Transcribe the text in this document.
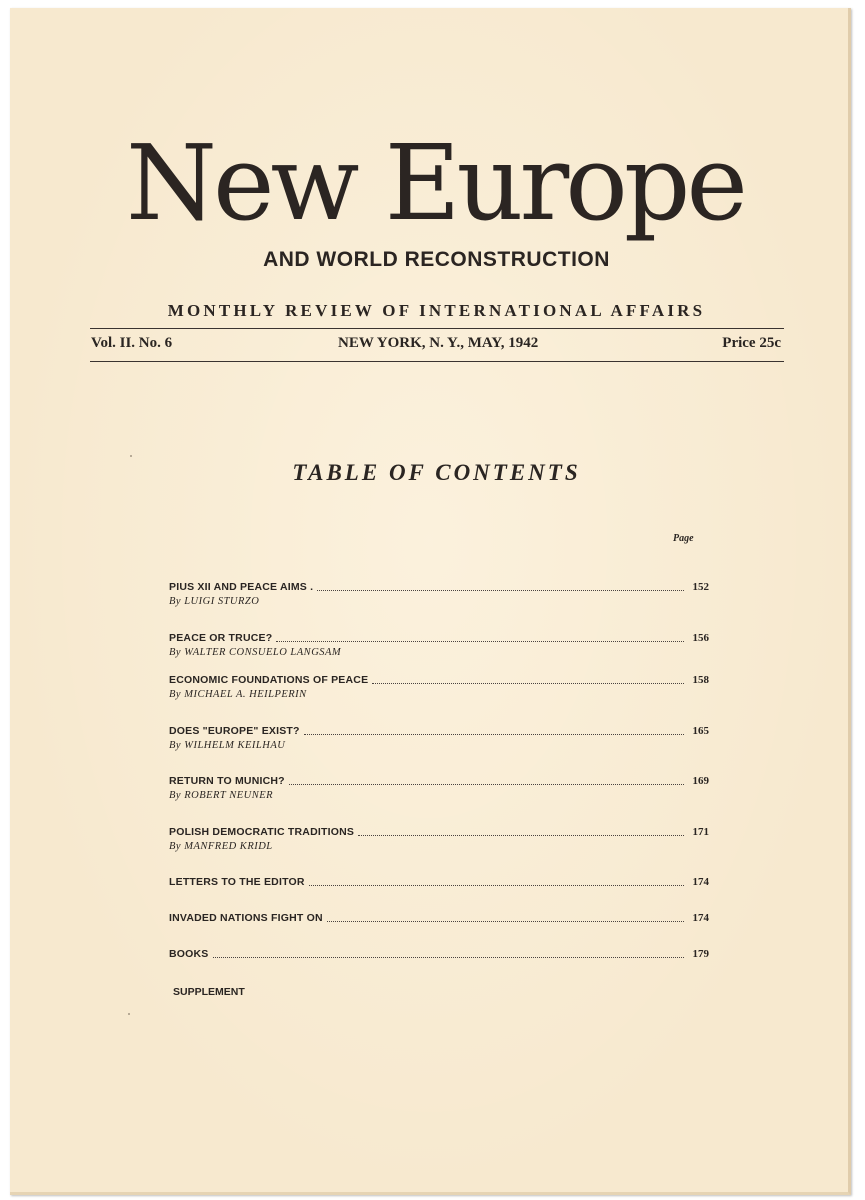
New Europe
AND WORLD RECONSTRUCTION
MONTHLY REVIEW OF INTERNATIONAL AFFAIRS
Vol. II. No. 6	NEW YORK, N. Y., MAY, 1942	Price 25c
TABLE OF CONTENTS
Page
PIUS XII AND PEACE AIMS .	152
By LUIGI STURZO
PEACE OR TRUCE?	156
By WALTER CONSUELO LANGSAM
ECONOMIC FOUNDATIONS OF PEACE	158
By MICHAEL A. HEILPERIN
DOES "EUROPE" EXIST?	165
By WILHELM KEILHAU
RETURN TO MUNICH?	169
By ROBERT NEUNER
POLISH DEMOCRATIC TRADITIONS	171
By MANFRED KRIDL
LETTERS TO THE EDITOR	174
INVADED NATIONS FIGHT ON	174
BOOKS	179
SUPPLEMENT
